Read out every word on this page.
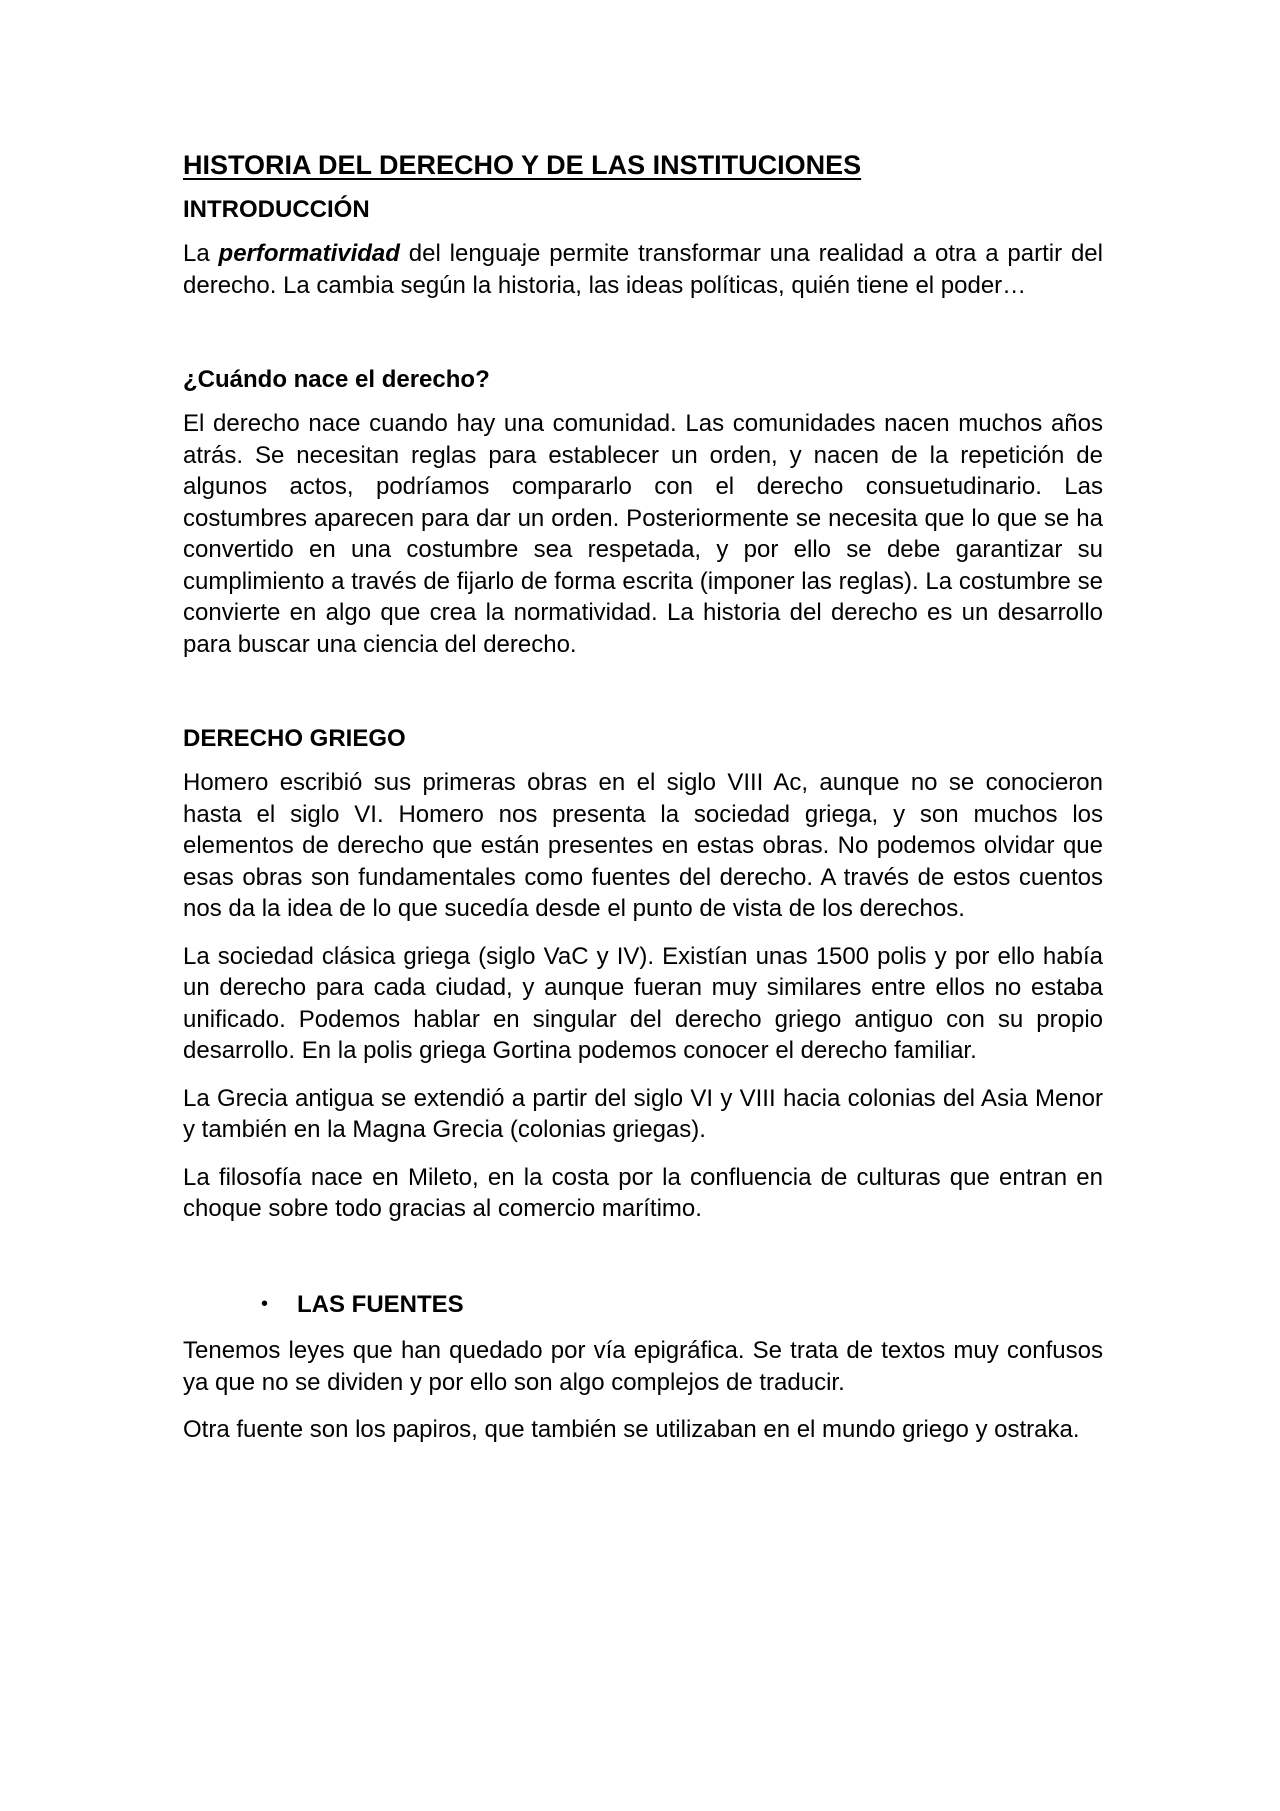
HISTORIA DEL DERECHO Y DE LAS INSTITUCIONES
INTRODUCCIÓN

La performatividad del lenguaje permite transformar una realidad a otra a partir del derecho. La cambia según la historia, las ideas políticas, quién tiene el poder…

¿Cuándo nace el derecho?

El derecho nace cuando hay una comunidad. Las comunidades nacen muchos años atrás. Se necesitan reglas para establecer un orden, y nacen de la repetición de algunos actos, podríamos compararlo con el derecho consuetudinario. Las costumbres aparecen para dar un orden. Posteriormente se necesita que lo que se ha convertido en una costumbre sea respetada, y por ello se debe garantizar su cumplimiento a través de fijarlo de forma escrita (imponer las reglas). La costumbre se convierte en algo que crea la normatividad. La historia del derecho es un desarrollo para buscar una ciencia del derecho.

DERECHO GRIEGO

Homero escribió sus primeras obras en el siglo VIII Ac, aunque no se conocieron hasta el siglo VI. Homero nos presenta la sociedad griega, y son muchos los elementos de derecho que están presentes en estas obras. No podemos olvidar que esas obras son fundamentales como fuentes del derecho. A través de estos cuentos nos da la idea de lo que sucedía desde el punto de vista de los derechos.

La sociedad clásica griega (siglo VaC y IV). Existían unas 1500 polis y por ello había un derecho para cada ciudad, y aunque fueran muy similares entre ellos no estaba unificado. Podemos hablar en singular del derecho griego antiguo con su propio desarrollo. En la polis griega Gortina podemos conocer el derecho familiar.

La Grecia antigua se extendió a partir del siglo VI y VIII hacia colonias del Asia Menor y también en la Magna Grecia (colonias griegas).

La filosofía nace en Mileto, en la costa por la confluencia de culturas que entran en choque sobre todo gracias al comercio marítimo.

•	LAS FUENTES

Tenemos leyes que han quedado por vía epigráfica. Se trata de textos muy confusos ya que no se dividen y por ello son algo complejos de traducir.

Otra fuente son los papiros, que también se utilizaban en el mundo griego y ostraka.
